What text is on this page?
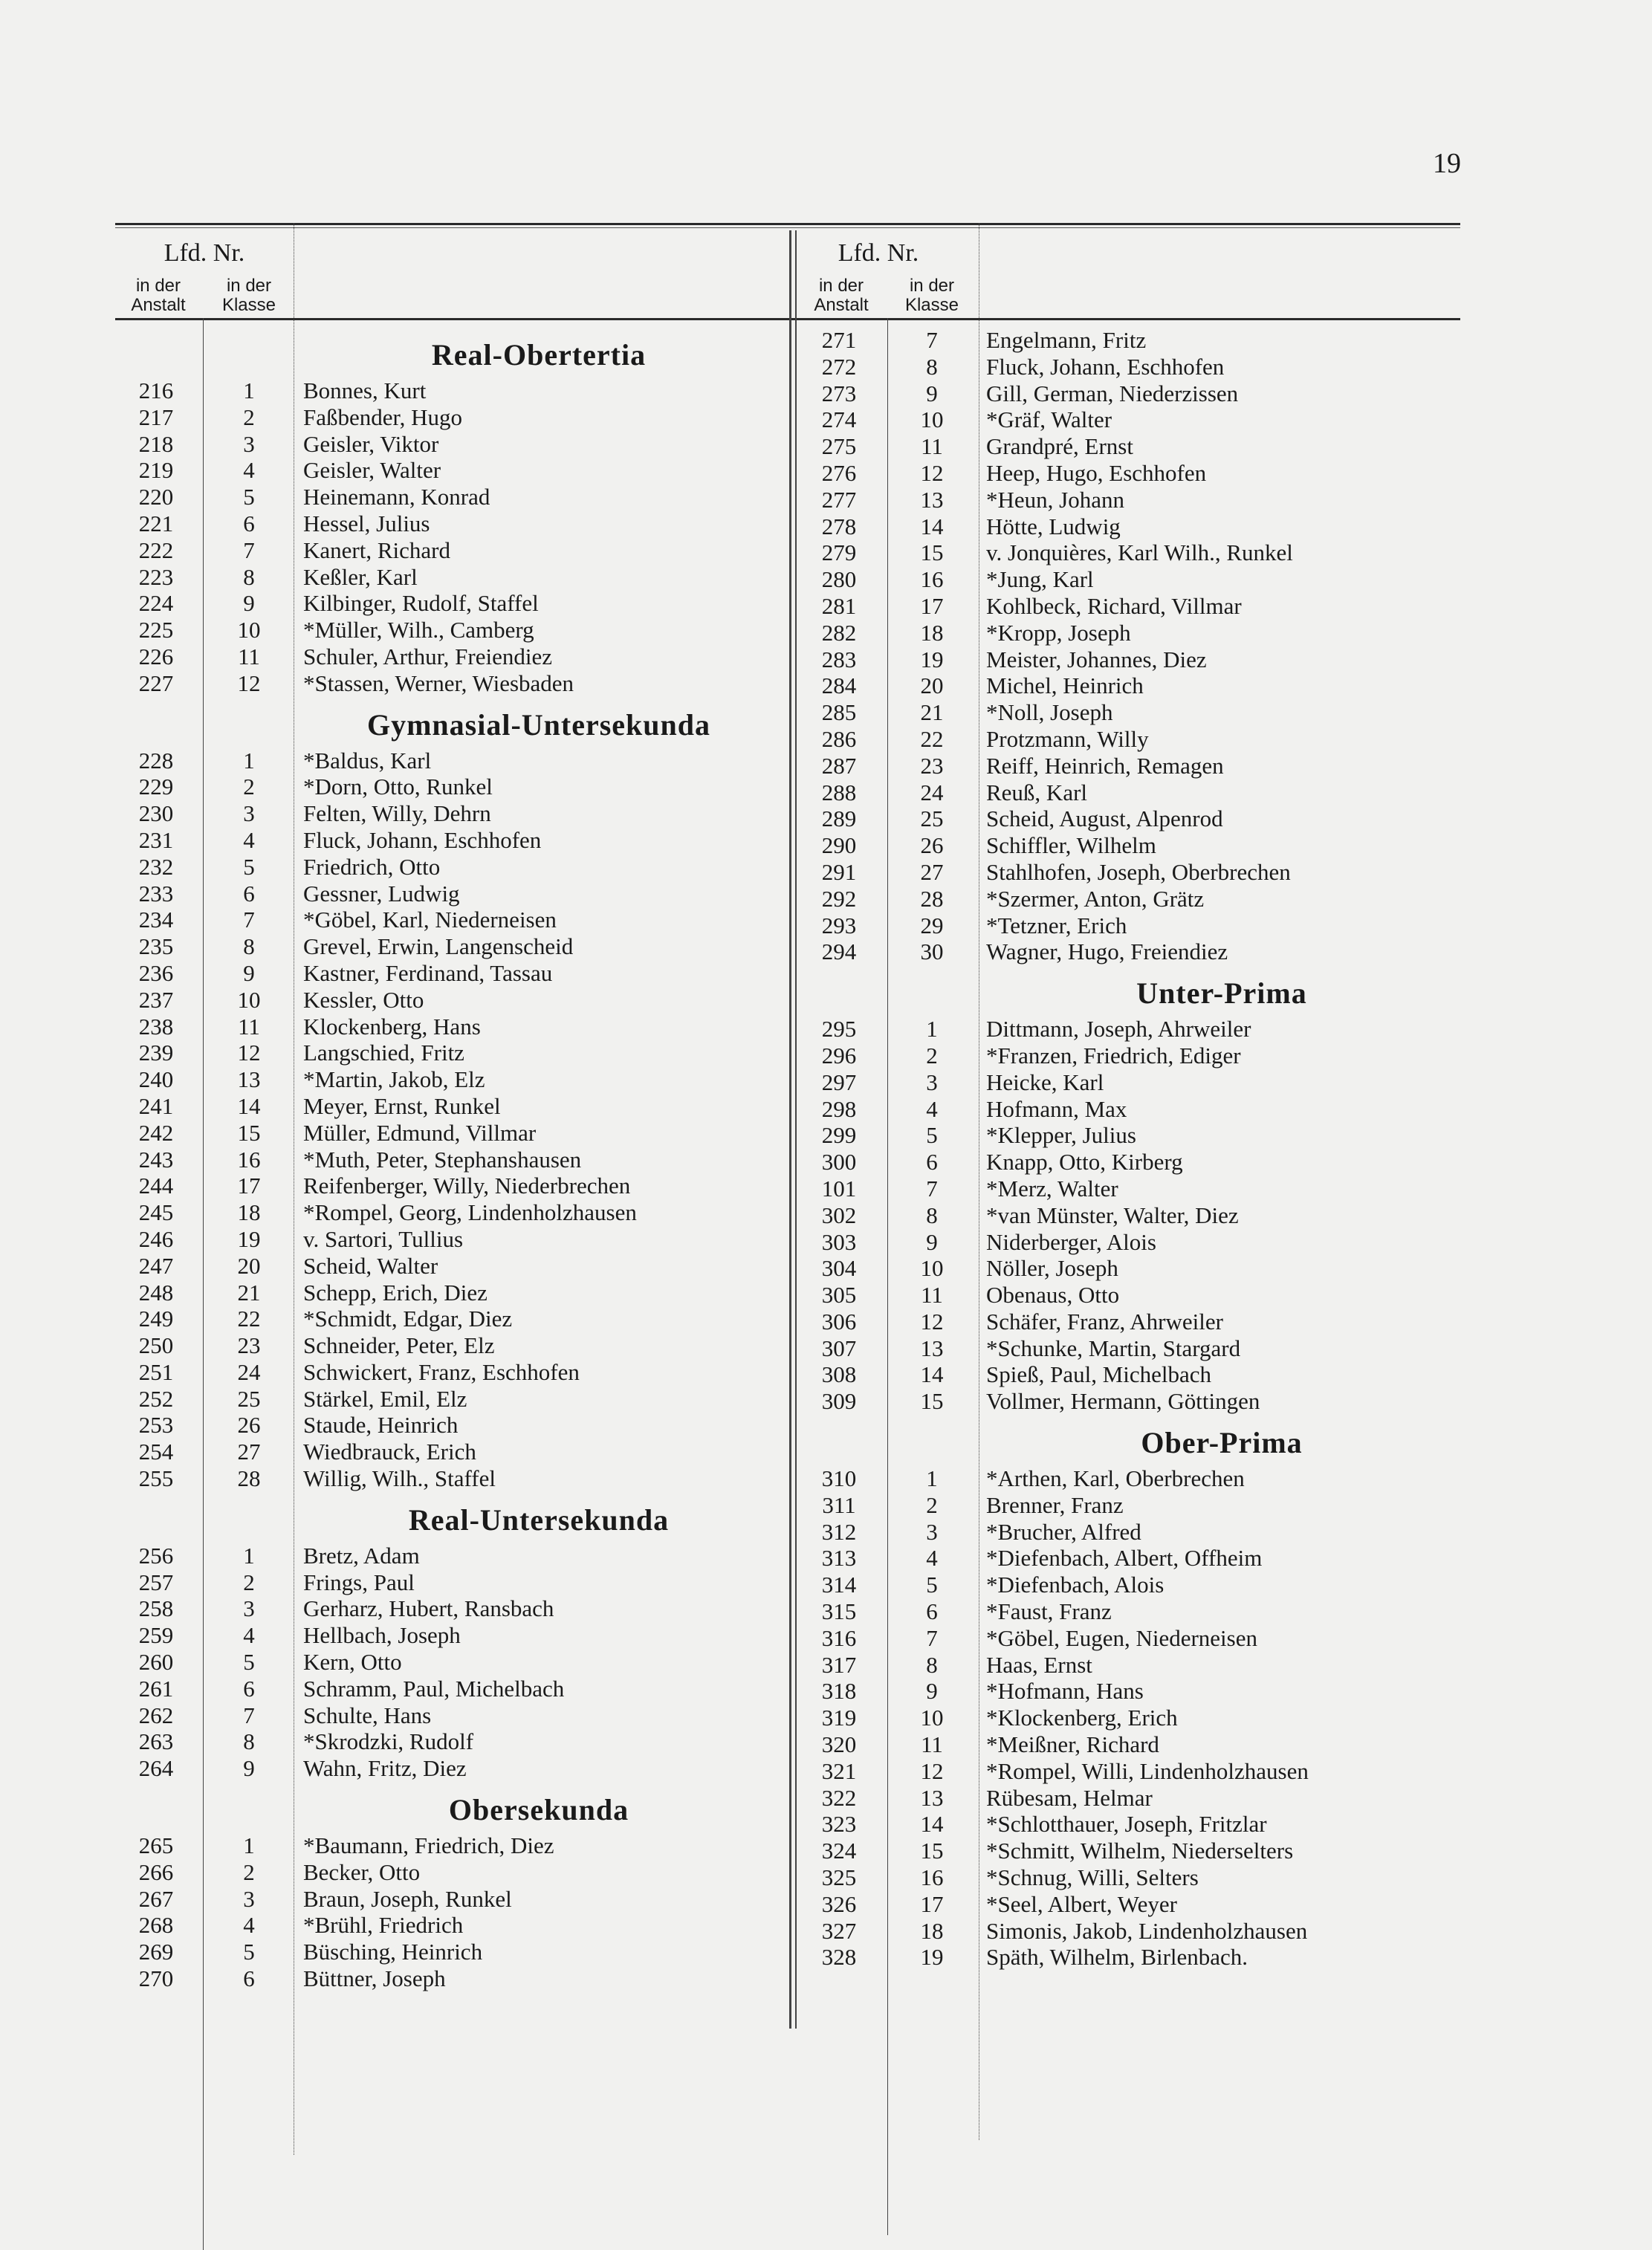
19
Lfd. Nr.
in der
Anstalt
in der
Klasse
Real-Obertertia
216	1	Bonnes, Kurt
217	2	Faßbender, Hugo
218	3	Geisler, Viktor
219	4	Geisler, Walter
220	5	Heinemann, Konrad
221	6	Hessel, Julius
222	7	Kanert, Richard
223	8	Keßler, Karl
224	9	Kilbinger, Rudolf, Staffel
225	10	*Müller, Wilh., Camberg
226	11	Schuler, Arthur, Freiendiez
227	12	*Stassen, Werner, Wiesbaden
Gymnasial-Untersekunda
228	1	*Baldus, Karl
229	2	*Dorn, Otto, Runkel
230	3	Felten, Willy, Dehrn
231	4	Fluck, Johann, Eschhofen
232	5	Friedrich, Otto
233	6	Gessner, Ludwig
234	7	*Göbel, Karl, Niederneisen
235	8	Grevel, Erwin, Langenscheid
236	9	Kastner, Ferdinand, Tassau
237	10	Kessler, Otto
238	11	Klockenberg, Hans
239	12	Langschied, Fritz
240	13	*Martin, Jakob, Elz
241	14	Meyer, Ernst, Runkel
242	15	Müller, Edmund, Villmar
243	16	*Muth, Peter, Stephanshausen
244	17	Reifenberger, Willy, Niederbrechen
245	18	*Rompel, Georg, Lindenholzhausen
246	19	v. Sartori, Tullius
247	20	Scheid, Walter
248	21	Schepp, Erich, Diez
249	22	*Schmidt, Edgar, Diez
250	23	Schneider, Peter, Elz
251	24	Schwickert, Franz, Eschhofen
252	25	Stärkel, Emil, Elz
253	26	Staude, Heinrich
254	27	Wiedbrauck, Erich
255	28	Willig, Wilh., Staffel
Real-Untersekunda
256	1	Bretz, Adam
257	2	Frings, Paul
258	3	Gerharz, Hubert, Ransbach
259	4	Hellbach, Joseph
260	5	Kern, Otto
261	6	Schramm, Paul, Michelbach
262	7	Schulte, Hans
263	8	*Skrodzki, Rudolf
264	9	Wahn, Fritz, Diez
Obersekunda
265	1	*Baumann, Friedrich, Diez
266	2	Becker, Otto
267	3	Braun, Joseph, Runkel
268	4	*Brühl, Friedrich
269	5	Büsching, Heinrich
270	6	Büttner, Joseph
Lfd. Nr.
in der
Anstalt
in der
Klasse
271	7	Engelmann, Fritz
272	8	Fluck, Johann, Eschhofen
273	9	Gill, German, Niederzissen
274	10	*Gräf, Walter
275	11	Grandpré, Ernst
276	12	Heep, Hugo, Eschhofen
277	13	*Heun, Johann
278	14	Hötte, Ludwig
279	15	v. Jonquières, Karl Wilh., Runkel
280	16	*Jung, Karl
281	17	Kohlbeck, Richard, Villmar
282	18	*Kropp, Joseph
283	19	Meister, Johannes, Diez
284	20	Michel, Heinrich
285	21	*Noll, Joseph
286	22	Protzmann, Willy
287	23	Reiff, Heinrich, Remagen
288	24	Reuß, Karl
289	25	Scheid, August, Alpenrod
290	26	Schiffler, Wilhelm
291	27	Stahlhofen, Joseph, Oberbrechen
292	28	*Szermer, Anton, Grätz
293	29	*Tetzner, Erich
294	30	Wagner, Hugo, Freiendiez
Unter-Prima
295	1	Dittmann, Joseph, Ahrweiler
296	2	*Franzen, Friedrich, Ediger
297	3	Heicke, Karl
298	4	Hofmann, Max
299	5	*Klepper, Julius
300	6	Knapp, Otto, Kirberg
101	7	*Merz, Walter
302	8	*van Münster, Walter, Diez
303	9	Niderberger, Alois
304	10	Nöller, Joseph
305	11	Obenaus, Otto
306	12	Schäfer, Franz, Ahrweiler
307	13	*Schunke, Martin, Stargard
308	14	Spieß, Paul, Michelbach
309	15	Vollmer, Hermann, Göttingen
Ober-Prima
310	1	*Arthen, Karl, Oberbrechen
311	2	Brenner, Franz
312	3	*Brucher, Alfred
313	4	*Diefenbach, Albert, Offheim
314	5	*Diefenbach, Alois
315	6	*Faust, Franz
316	7	*Göbel, Eugen, Niederneisen
317	8	Haas, Ernst
318	9	*Hofmann, Hans
319	10	*Klockenberg, Erich
320	11	*Meißner, Richard
321	12	*Rompel, Willi, Lindenholzhausen
322	13	Rübesam, Helmar
323	14	*Schlotthauer, Joseph, Fritzlar
324	15	*Schmitt, Wilhelm, Niederselters
325	16	*Schnug, Willi, Selters
326	17	*Seel, Albert, Weyer
327	18	Simonis, Jakob, Lindenholzhausen
328	19	Späth, Wilhelm, Birlenbach.
